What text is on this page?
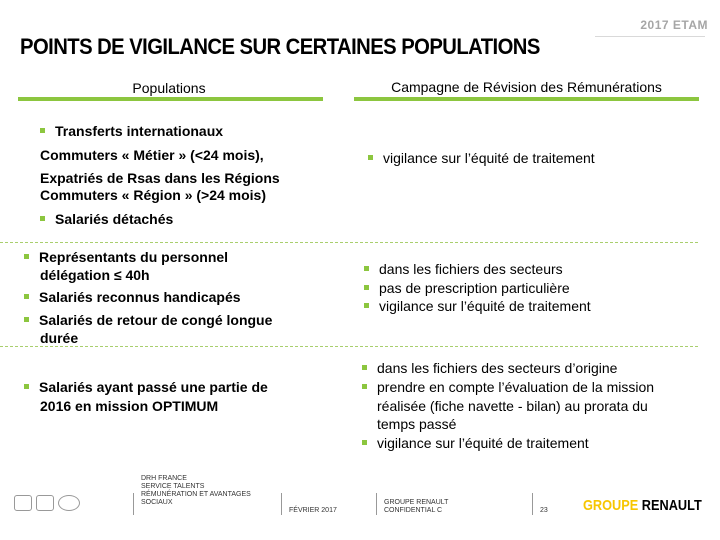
2017 ETAM
POINTS DE VIGILANCE SUR CERTAINES POPULATIONS
Populations	Campagne de Révision des Rémunérations
Transferts internationaux
Commuters « Métier » (<24 mois),
Expatriés de Rsas dans les Régions
Commuters « Région » (>24 mois)
Salariés détachés
vigilance sur l’équité de traitement
Représentants du personnel
délégation ≤ 40h
Salariés reconnus handicapés
Salariés de retour de congé longue
durée
dans les fichiers des secteurs
pas de prescription particulière
vigilance sur l’équité de traitement
Salariés ayant passé une partie de
2016 en mission OPTIMUM
dans les fichiers des secteurs d’origine
prendre en compte l’évaluation de la mission
réalisée (fiche navette - bilan) au prorata du
temps passé
vigilance sur l’équité de traitement
DRH FRANCE
SERVICE TALENTS
RÉMUNÉRATION ET AVANTAGES
SOCIAUX
FÉVRIER 2017
GROUPE RENAULT
CONFIDENTIAL C	23 GROUPE RENAULT
